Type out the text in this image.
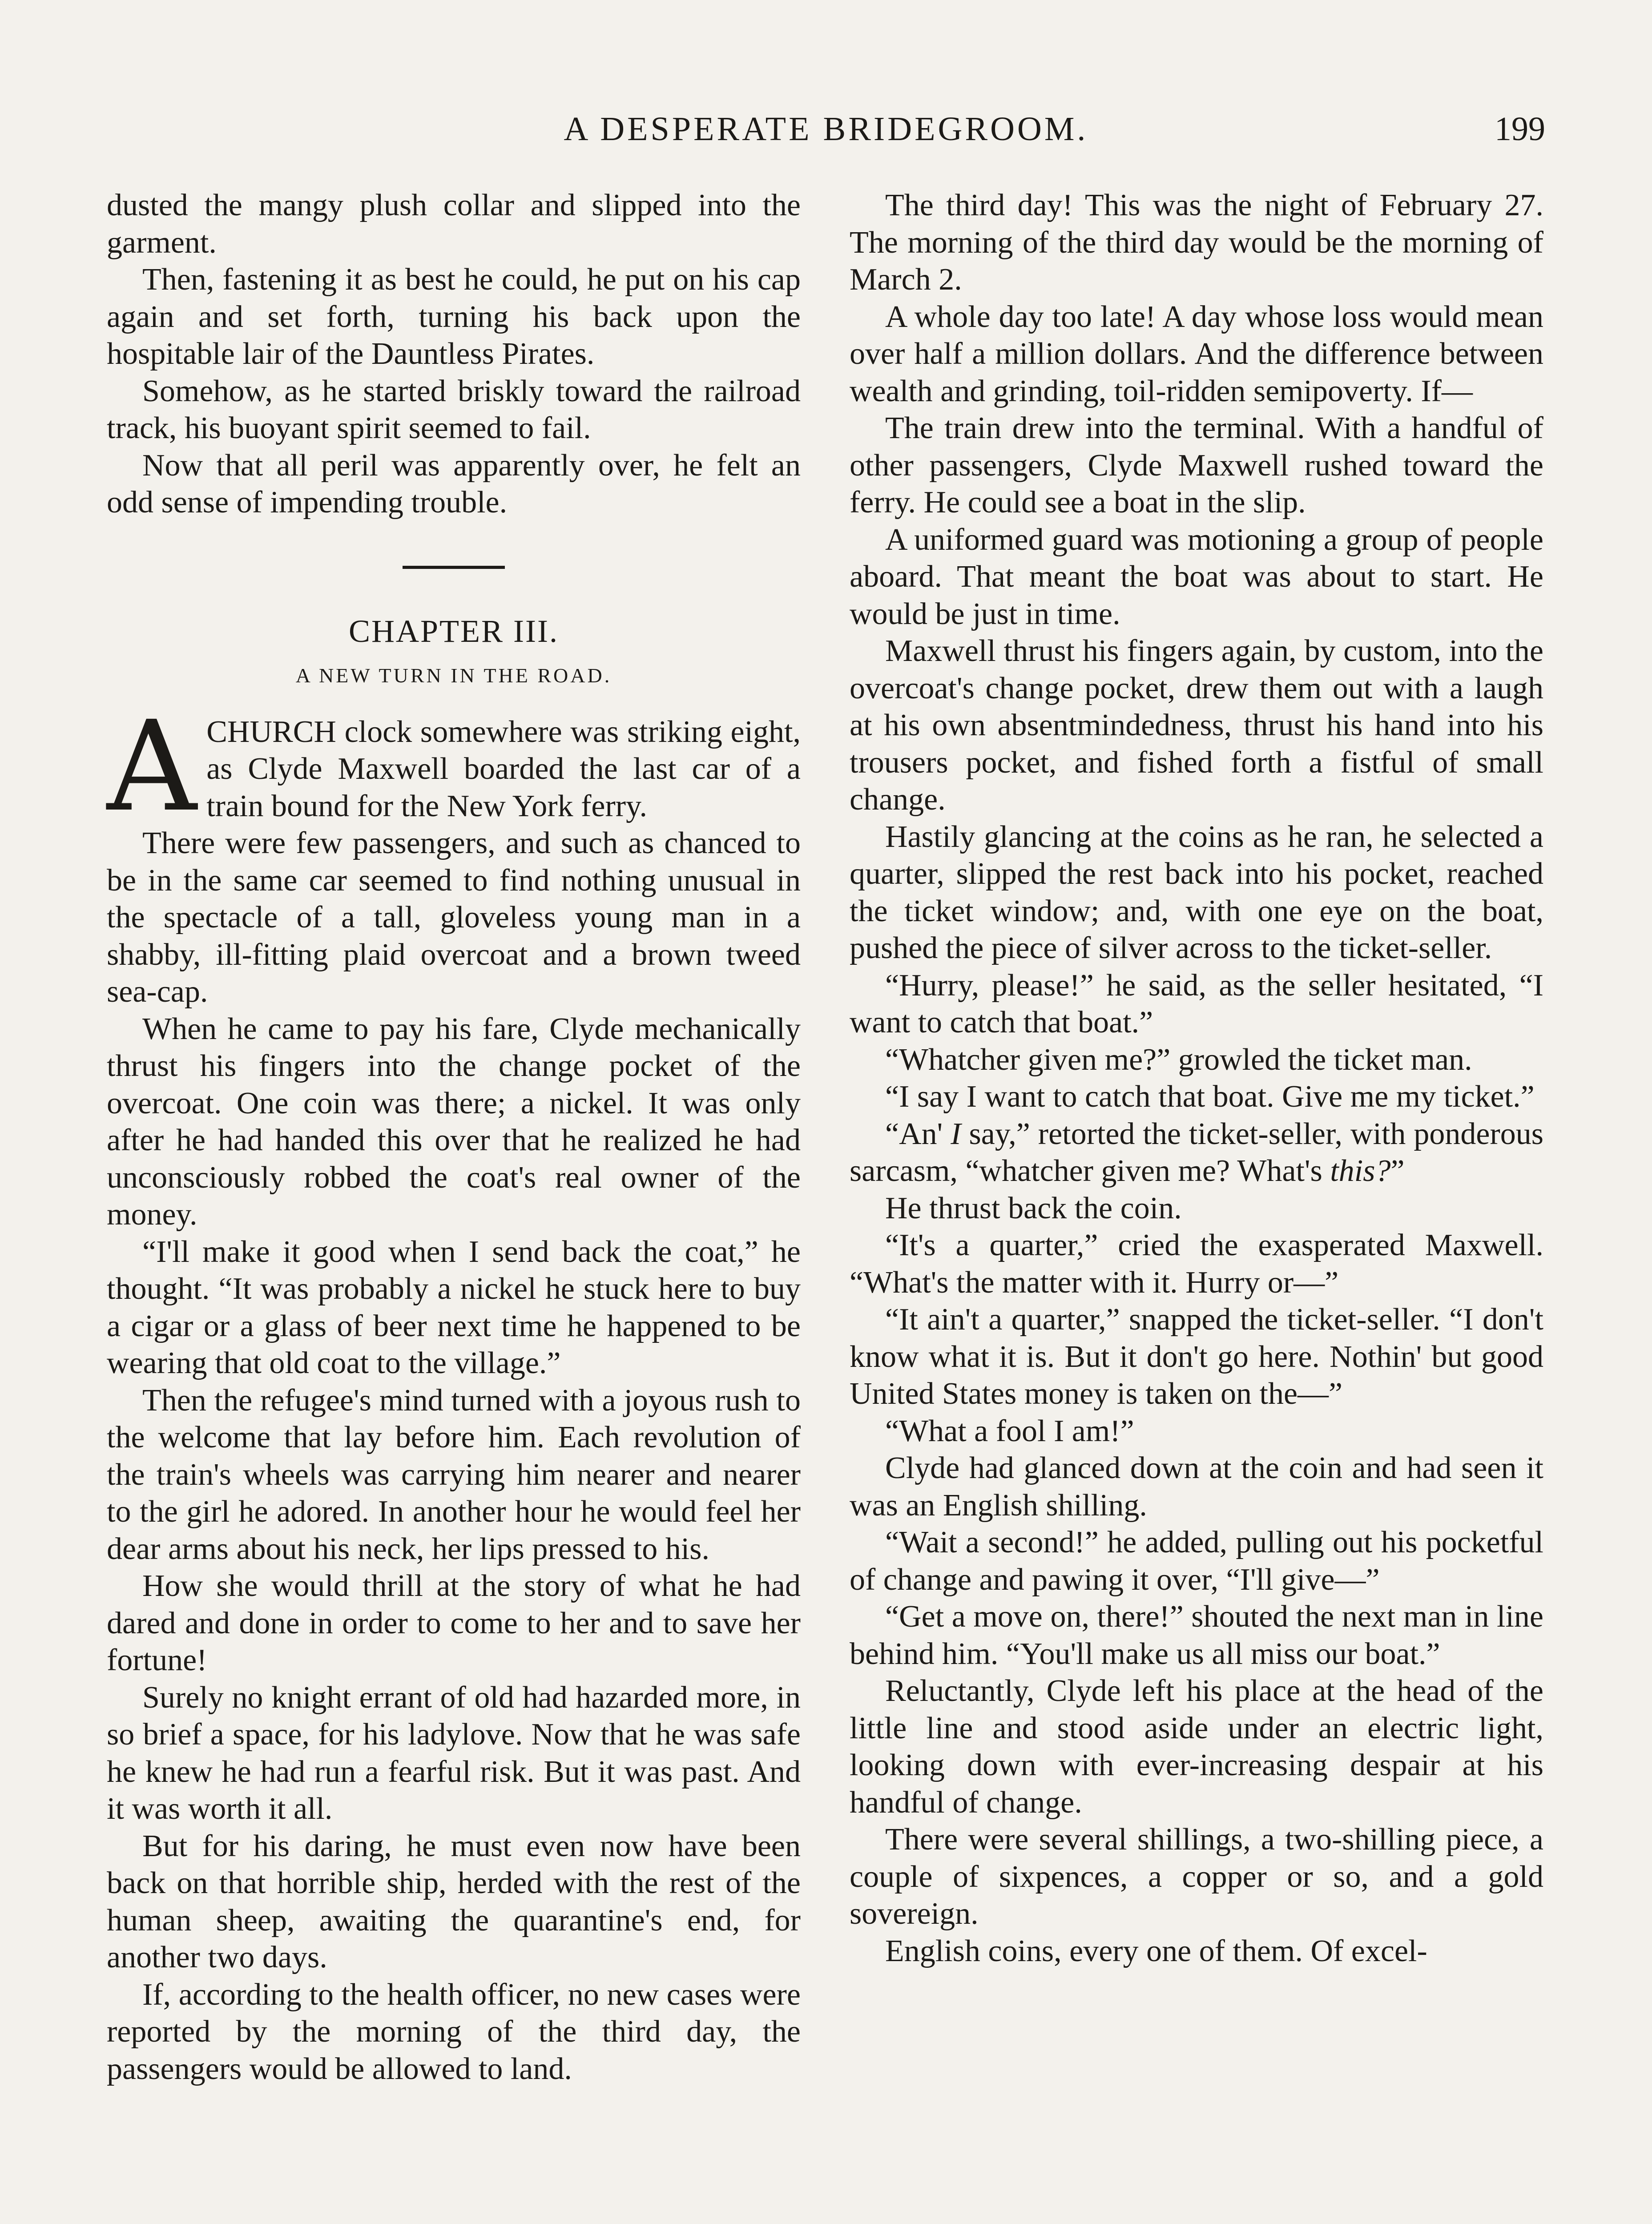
A DESPERATE BRIDEGROOM.	199

dusted the mangy plush collar and slipped into the garment.

Then, fastening it as best he could, he put on his cap again and set forth, turning his back upon the hospitable lair of the Dauntless Pirates.

Somehow, as he started briskly toward the railroad track, his buoyant spirit seemed to fail.

Now that all peril was apparently over, he felt an odd sense of impending trouble.

CHAPTER III.
A NEW TURN IN THE ROAD.

ACHURCH clock somewhere was striking eight, as Clyde Maxwell boarded the last car of a train bound for the New York ferry.

There were few passengers, and such as chanced to be in the same car seemed to find nothing unusual in the spectacle of a tall, gloveless young man in a shabby, ill-fitting plaid overcoat and a brown tweed sea-cap.

When he came to pay his fare, Clyde mechanically thrust his fingers into the change pocket of the overcoat. One coin was there; a nickel. It was only after he had handed this over that he realized he had unconsciously robbed the coat's real owner of the money.

“I'll make it good when I send back the coat,” he thought. “It was probably a nickel he stuck here to buy a cigar or a glass of beer next time he happened to be wearing that old coat to the village.”

Then the refugee's mind turned with a joyous rush to the welcome that lay before him. Each revolution of the train's wheels was carrying him nearer and nearer to the girl he adored. In another hour he would feel her dear arms about his neck, her lips pressed to his.

How she would thrill at the story of what he had dared and done in order to come to her and to save her fortune!

Surely no knight errant of old had hazarded more, in so brief a space, for his ladylove. Now that he was safe he knew he had run a fearful risk. But it was past. And it was worth it all.

But for his daring, he must even now have been back on that horrible ship, herded with the rest of the human sheep, awaiting the quarantine's end, for another two days.

If, according to the health officer, no new cases were reported by the morning of the third day, the passengers would be allowed to land.

The third day! This was the night of February 27. The morning of the third day would be the morning of March 2.

A whole day too late! A day whose loss would mean over half a million dollars. And the difference between wealth and grinding, toil-ridden semipoverty. If—

The train drew into the terminal. With a handful of other passengers, Clyde Maxwell rushed toward the ferry. He could see a boat in the slip.

A uniformed guard was motioning a group of people aboard. That meant the boat was about to start. He would be just in time.

Maxwell thrust his fingers again, by custom, into the overcoat's change pocket, drew them out with a laugh at his own absentmindedness, thrust his hand into his trousers pocket, and fished forth a fistful of small change.

Hastily glancing at the coins as he ran, he selected a quarter, slipped the rest back into his pocket, reached the ticket window; and, with one eye on the boat, pushed the piece of silver across to the ticket-seller.

“Hurry, please!” he said, as the seller hesitated, “I want to catch that boat.”

“Whatcher given me?” growled the ticket man.

“I say I want to catch that boat. Give me my ticket.”

“An' I say,” retorted the ticket-seller, with ponderous sarcasm, “whatcher given me? What's this?”

He thrust back the coin.

“It's a quarter,” cried the exasperated Maxwell. “What's the matter with it. Hurry or—”

“It ain't a quarter,” snapped the ticket-seller. “I don't know what it is. But it don't go here. Nothin' but good United States money is taken on the—”

“What a fool I am!”

Clyde had glanced down at the coin and had seen it was an English shilling.

“Wait a second!” he added, pulling out his pocketful of change and pawing it over, “I'll give—”

“Get a move on, there!” shouted the next man in line behind him. “You'll make us all miss our boat.”

Reluctantly, Clyde left his place at the head of the little line and stood aside under an electric light, looking down with ever-increasing despair at his handful of change.

There were several shillings, a two-shilling piece, a couple of sixpences, a copper or so, and a gold sovereign.

English coins, every one of them. Of excel-
